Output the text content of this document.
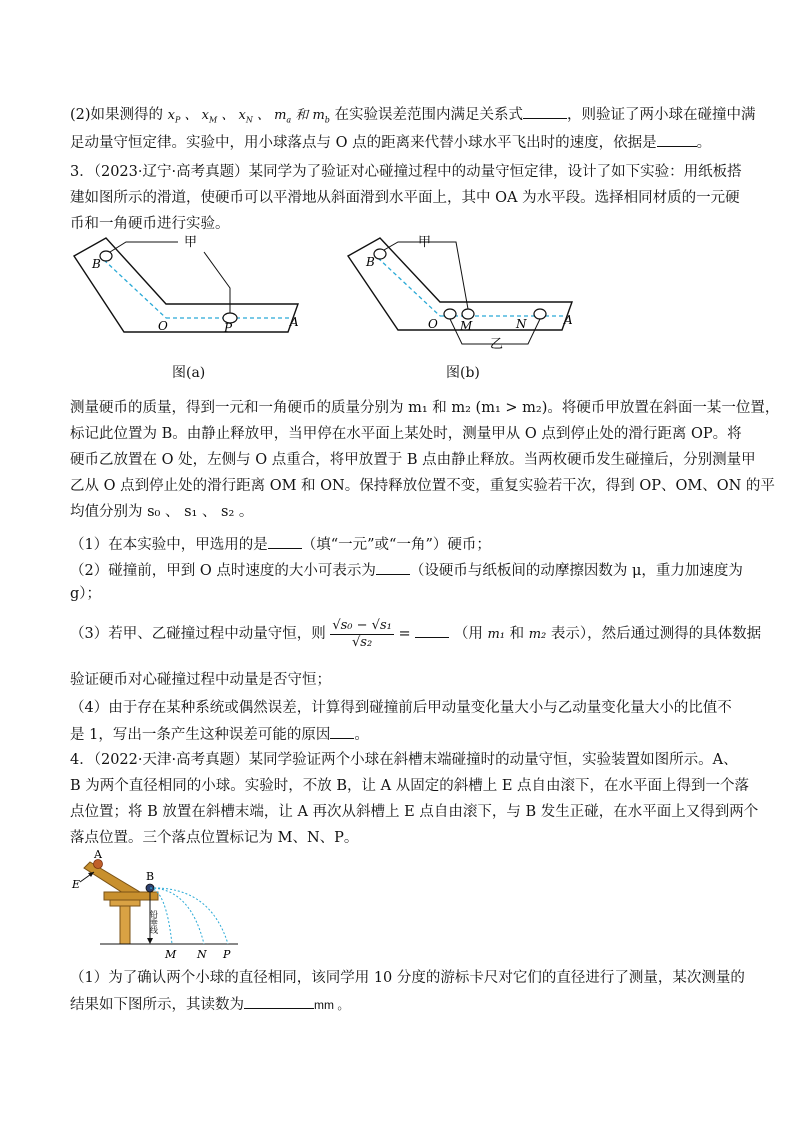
(2)如果测得的 $x_P$ 、 $x_M$ 、 $x_N$ 、 $m_a$ 和 $m_b$ 在实验误差范围内满足关系式	，则验证了两小球在碰撞中满
足动量守恒定律。实验中，用小球落点与 O 点的距离来代替小球水平飞出时的速度，依据是	。
3．（2023·辽宁·高考真题）某同学为了验证对心碰撞过程中的动量守恒定律，设计了如下实验：用纸板搭
建如图所示的滑道，使硬币可以平滑地从斜面滑到水平面上，其中 OA 为水平段。选择相同材质的一元硬
币和一角硬币进行实验。
甲
B
O	P	A
图(a)
甲
B
O M	N	A
乙
图(b)
测量硬币的质量，得到一元和一角硬币的质量分别为 m₁ 和 m₂ (m₁ > m₂)。将硬币甲放置在斜面一某一位置，
标记此位置为 B。由静止释放甲，当甲停在水平面上某处时，测量甲从 O 点到停止处的滑行距离 OP。将
硬币乙放置在 O 处，左侧与 O 点重合，将甲放置于 B 点由静止释放。当两枚硬币发生碰撞后，分别测量甲
乙从 O 点到停止处的滑行距离 OM 和 ON。保持释放位置不变，重复实验若干次，得到 OP、OM、ON 的平
均值分别为 s₀ 、 s₁ 、 s₂ 。
（1）在本实验中，甲选用的是 （填“一元”或“一角”）硬币；
（2）碰撞前，甲到 O 点时速度的大小可表示为 （设硬币与纸板间的动摩擦因数为 μ，重力加速度为
g）；
（3）若甲、乙碰撞过程中动量守恒，则 $\frac{\text{√s₀ − √s₁}}{\text{√s₂}}$ =	（用 m₁ 和 m₂ 表示），然后通过测得的具体数据
验证硬币对心碰撞过程中动量是否守恒；
（4）由于存在某种系统或偶然误差，计算得到碰撞前后甲动量变化量大小与乙动量变化量大小的比值不
是 1，写出一条产生这种误差可能的原因 。
4．（2022·天津·高考真题）某同学验证两个小球在斜槽末端碰撞时的动量守恒，实验装置如图所示。A、
B 为两个直径相同的小球。实验时，不放 B，让 A 从固定的斜槽上 E 点自由滚下，在水平面上得到一个落
点位置；将 B 放置在斜槽末端，让 A 再次从斜槽上 E 点自由滚下，与 B 发生正碰，在水平面上又得到两个
落点位置。三个落点位置标记为 M、N、P。
A
B
E
M N P
铅垂线
（1）为了确认两个小球的直径相同，该同学用 10 分度的游标卡尺对它们的直径进行了测量，某次测量的
结果如下图所示，其读数为	mm 。
